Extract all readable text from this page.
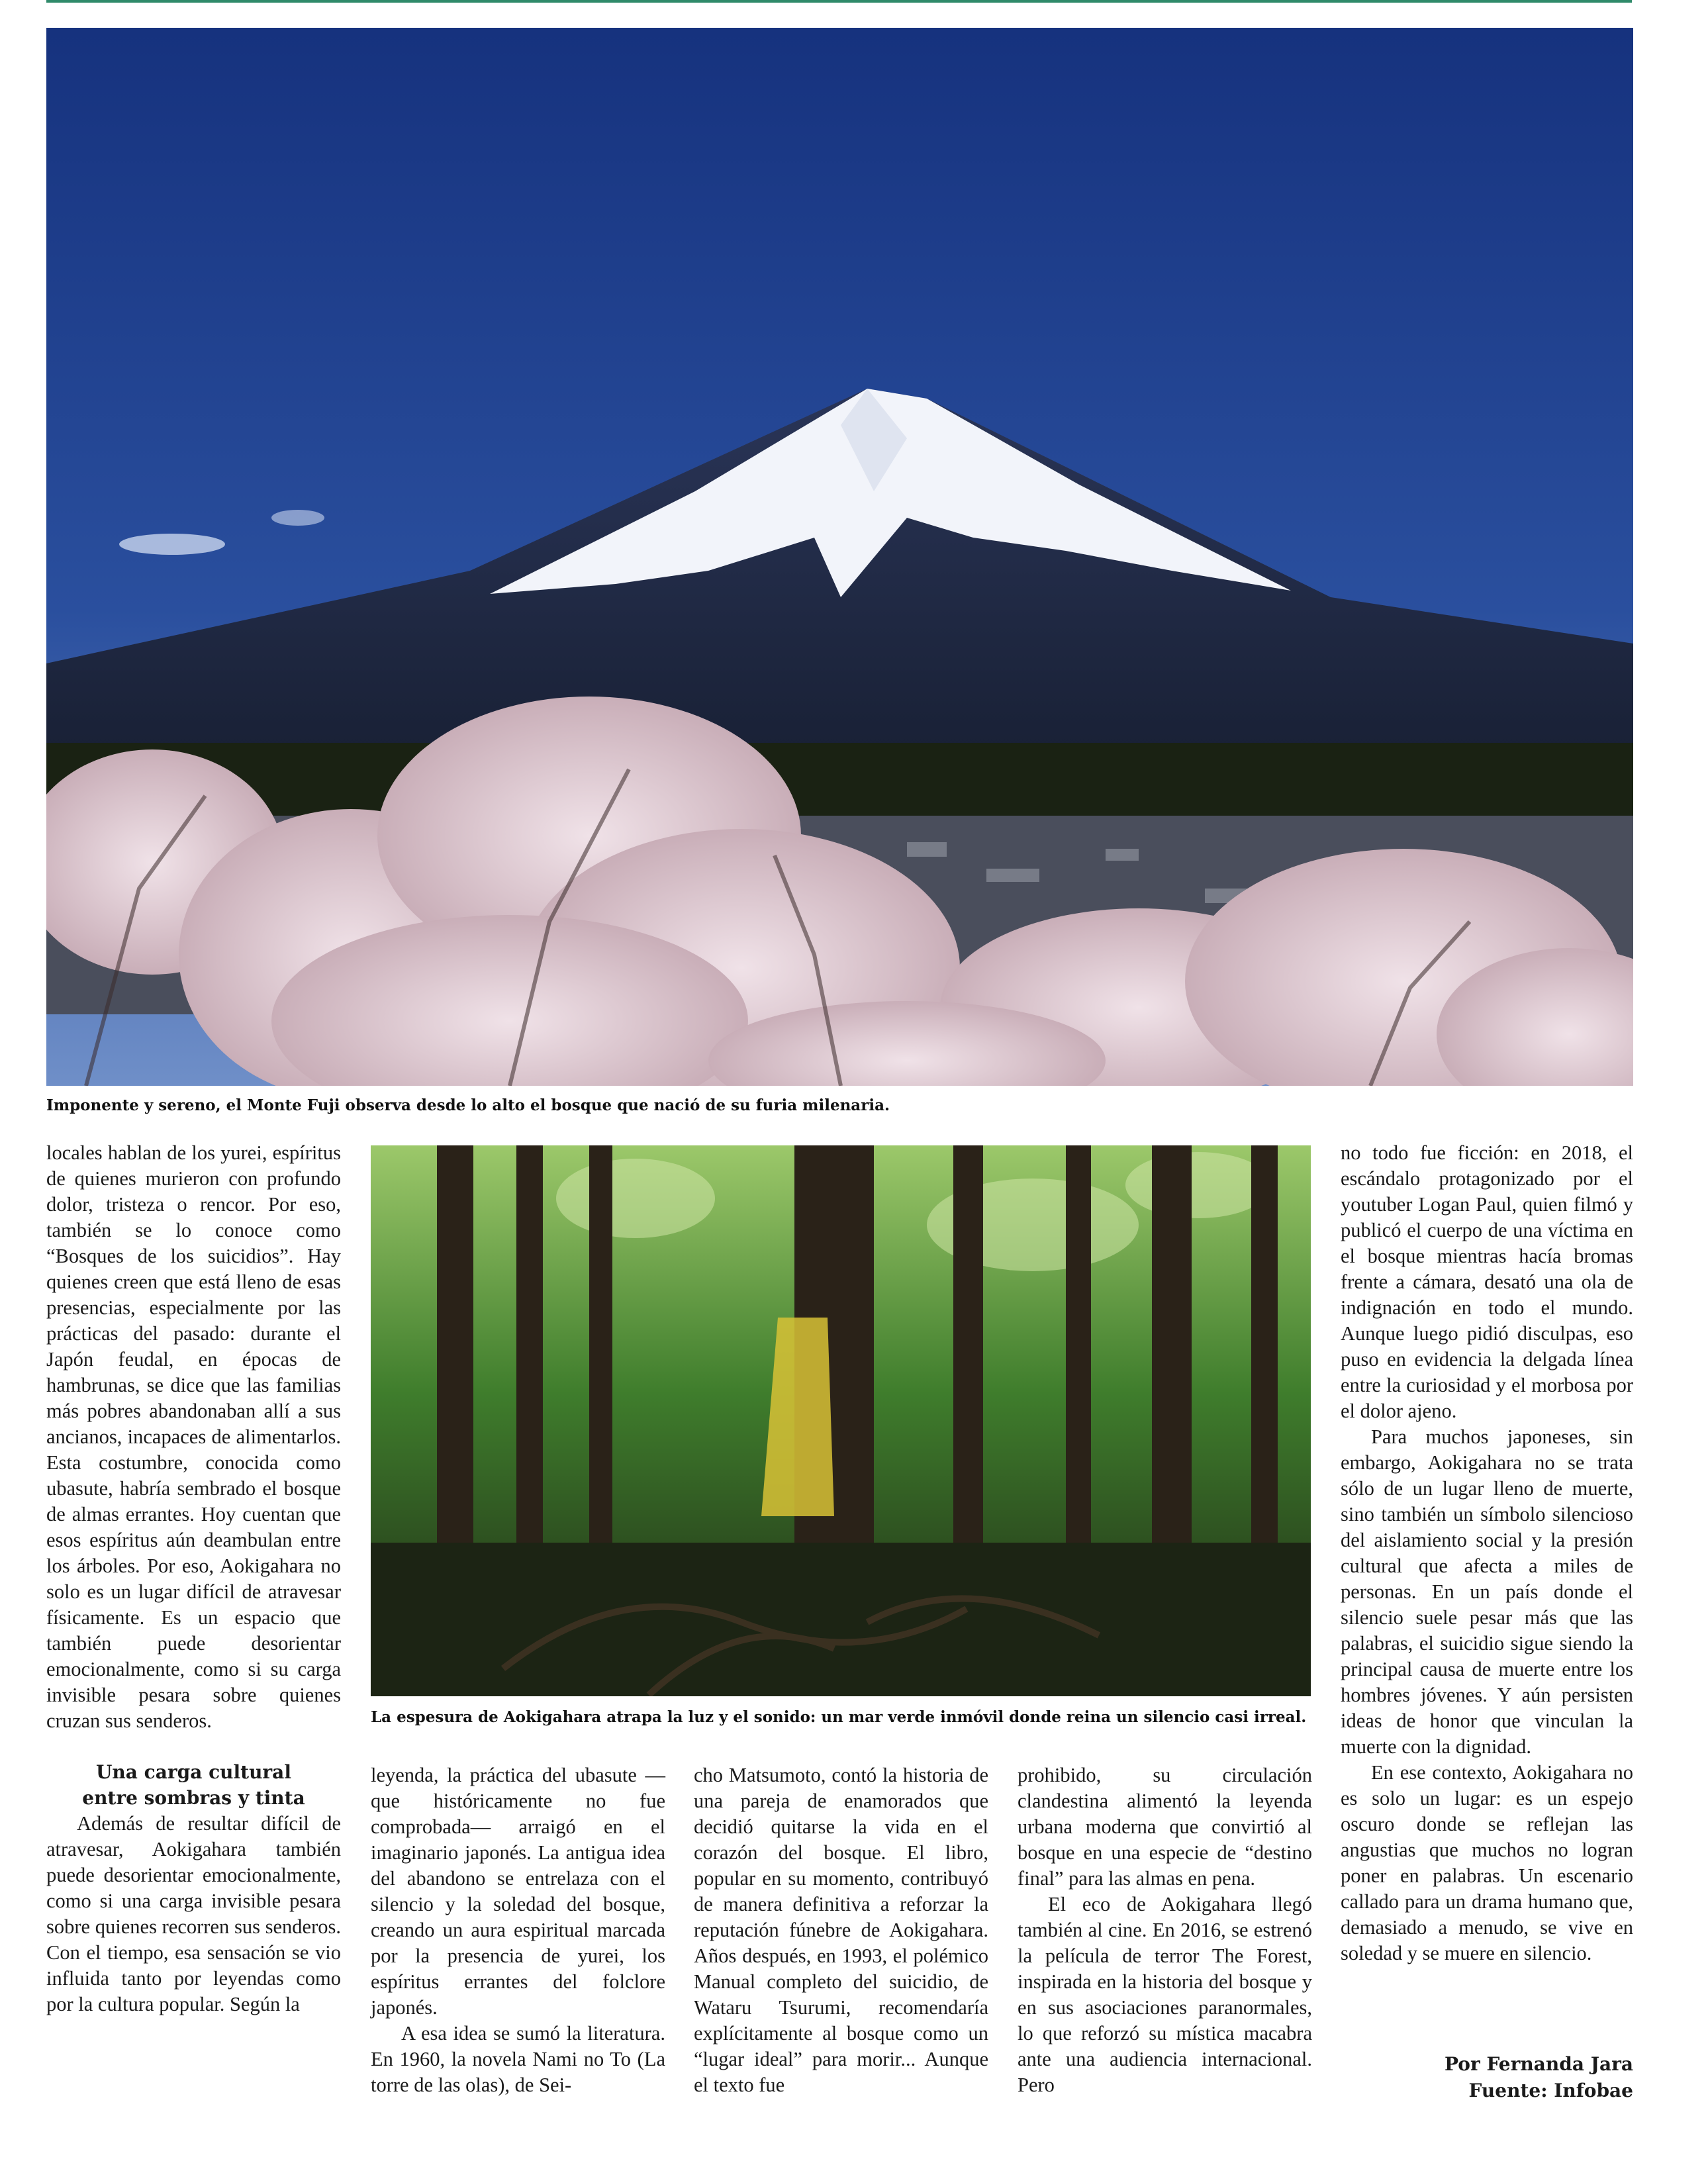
Imponente y sereno, el Monte Fuji observa desde lo alto el bosque que nació de su furia milenaria.
La espesura de Aokigahara atrapa la luz y el sonido: un mar verde inmóvil donde reina un silencio casi irreal.

locales hablan de los yurei, espíritus de quienes murieron con profundo dolor, tristeza o rencor. Por eso, también se lo conoce como “Bosques de los suicidios”. Hay quienes creen que está lleno de esas presencias, especialmente por las prácticas del pasado: durante el Japón feudal, en épocas de hambrunas, se dice que las familias más pobres abandonaban allí a sus ancianos, incapaces de alimentarlos. Esta costumbre, conocida como ubasute, habría sembrado el bosque de almas errantes. Hoy cuentan que esos espíritus aún deambulan entre los árboles. Por eso, Aokigahara no solo es un lugar difícil de atravesar físicamente. Es un espacio que también puede desorientar emocionalmente, como si su carga invisible pesara sobre quienes cruzan sus senderos.

Una carga cultural
entre sombras y tinta

Además de resultar difícil de atravesar, Aokigahara también puede desorientar emocionalmente, como si una carga invisible pesara sobre quienes recorren sus senderos. Con el tiempo, esa sensación se vio influida tanto por leyendas como por la cultura popular. Según la

leyenda, la práctica del ubasute —que históricamente no fue comprobada— arraigó en el imaginario japonés. La antigua idea del abandono se entrelaza con el silencio y la soledad del bosque, creando un aura espiritual marcada por la presencia de yurei, los espíritus errantes del folclore japonés.

A esa idea se sumó la literatura. En 1960, la novela Nami no To (La torre de las olas), de Sei-

cho Matsumoto, contó la historia de una pareja de enamorados que decidió quitarse la vida en el corazón del bosque. El libro, popular en su momento, contribuyó de manera definitiva a reforzar la reputación fúnebre de Aokigahara. Años después, en 1993, el polémico Manual completo del suicidio, de Wataru Tsurumi, recomendaría explícitamente al bosque como un “lugar ideal” para morir... Aunque el texto fue

prohibido, su circulación clandestina alimentó la leyenda urbana moderna que convirtió al bosque en una especie de “destino final” para las almas en pena.

El eco de Aokigahara llegó también al cine. En 2016, se estrenó la película de terror The Forest, inspirada en la historia del bosque y en sus asociaciones paranormales, lo que reforzó su mística macabra ante una audiencia internacional. Pero

no todo fue ficción: en 2018, el escándalo protagonizado por el youtuber Logan Paul, quien filmó y publicó el cuerpo de una víctima en el bosque mientras hacía bromas frente a cámara, desató una ola de indignación en todo el mundo. Aunque luego pidió disculpas, eso puso en evidencia la delgada línea entre la curiosidad y el morbosa por el dolor ajeno.

Para muchos japoneses, sin embargo, Aokigahara no se trata sólo de un lugar lleno de muerte, sino también un símbolo silencioso del aislamiento social y la presión cultural que afecta a miles de personas. En un país donde el silencio suele pesar más que las palabras, el suicidio sigue siendo la principal causa de muerte entre los hombres jóvenes. Y aún persisten ideas de honor que vinculan la muerte con la dignidad.

En ese contexto, Aokigahara no es solo un lugar: es un espejo oscuro donde se reflejan las angustias que muchos no logran poner en palabras. Un escenario callado para un drama humano que, demasiado a menudo, se vive en soledad y se muere en silencio.

Por Fernanda Jara
Fuente: Infobae
